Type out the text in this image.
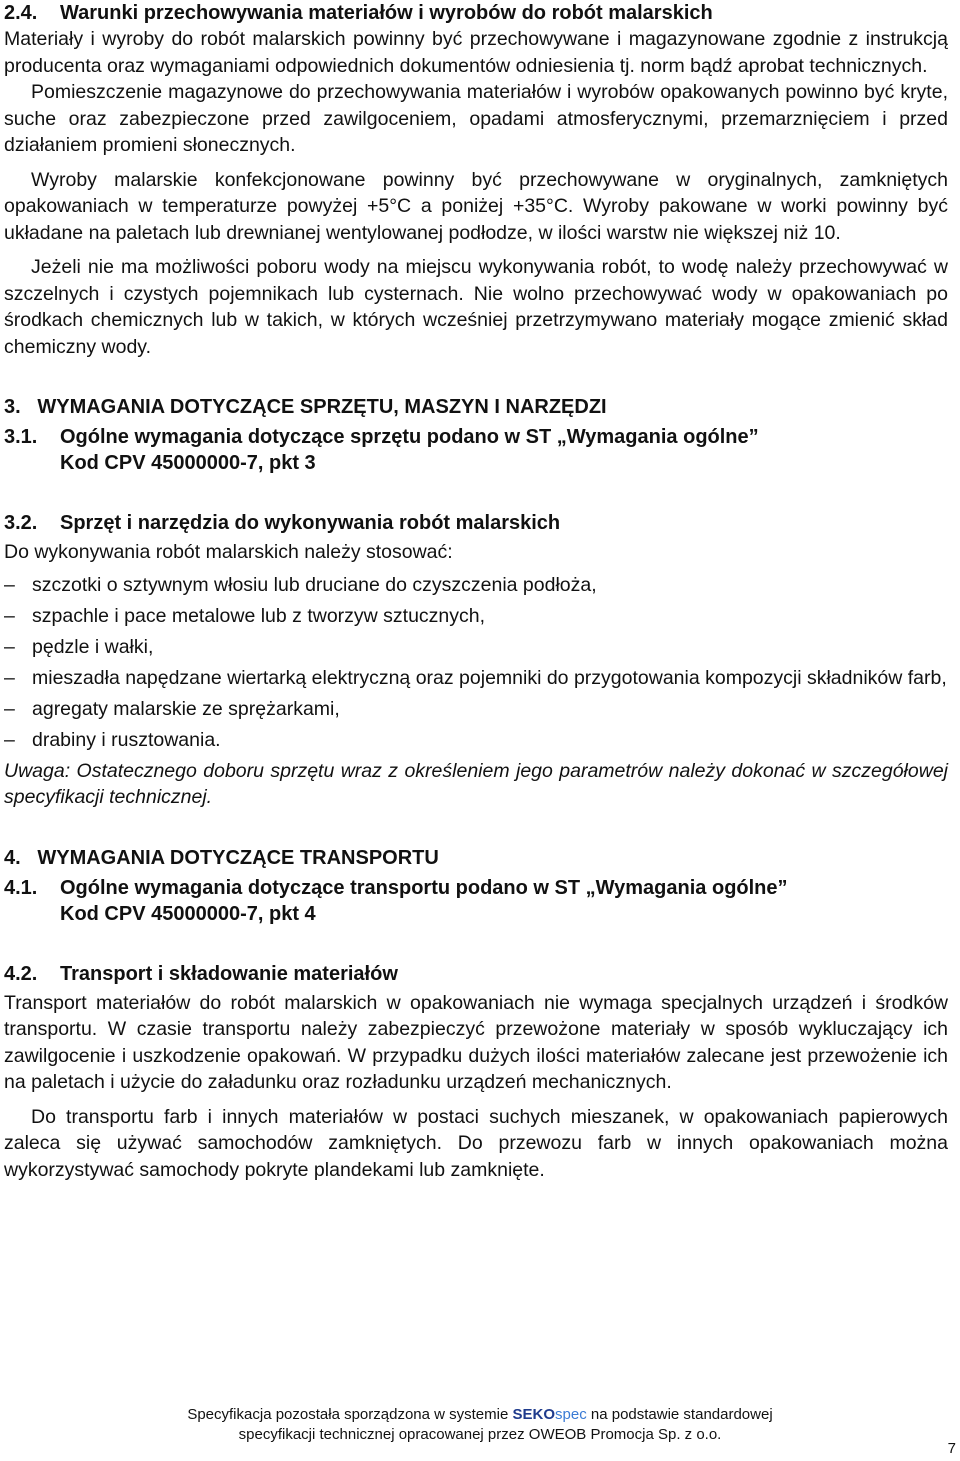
2.4.	Warunki przechowywania materiałów i wyrobów do robót malarskich

Materiały i wyroby do robót malarskich powinny być przechowywane i magazynowane zgodnie z instrukcją producenta oraz wymaganiami odpowiednich dokumentów odniesienia tj. norm bądź aprobat technicznych.

Pomieszczenie magazynowe do przechowywania materiałów i wyrobów opakowanych powinno być kryte, suche oraz zabezpieczone przed zawilgoceniem, opadami atmosferycznymi, przemarznięciem i przed działaniem promieni słonecznych.

Wyroby malarskie konfekcjonowane powinny być przechowywane w oryginalnych, zamkniętych opakowaniach w temperaturze powyżej +5°C a poniżej +35°C. Wyroby pakowane w worki powinny być układane na paletach lub drewnianej wentylowanej podłodze, w ilości warstw nie większej niż 10.

Jeżeli nie ma możliwości poboru wody na miejscu wykonywania robót, to wodę należy przechowywać w szczelnych i czystych pojemnikach lub cysternach. Nie wolno przechowywać wody w opakowaniach po środkach chemicznych lub w takich, w których wcześniej przetrzymywano materiały mogące zmienić skład chemiczny wody.

3.   WYMAGANIA DOTYCZĄCE SPRZĘTU, MASZYN I NARZĘDZI
3.1.	Ogólne wymagania dotyczące sprzętu podano w ST „Wymagania ogólne”
Kod CPV 45000000-7, pkt 3
3.2.	Sprzęt i narzędzia do wykonywania robót malarskich

Do wykonywania robót malarskich należy stosować:

– szczotki o sztywnym włosiu lub druciane do czyszczenia podłoża,
– szpachle i pace metalowe lub z tworzyw sztucznych,
– pędzle i wałki,
– mieszadła napędzane wiertarką elektryczną oraz pojemniki do przygotowania kompozycji składników farb,
– agregaty malarskie ze sprężarkami,
– drabiny i rusztowania.

Uwaga: Ostatecznego doboru sprzętu wraz z określeniem jego parametrów należy dokonać w szczegółowej specyfikacji technicznej.

4.   WYMAGANIA DOTYCZĄCE TRANSPORTU
4.1.	Ogólne wymagania dotyczące transportu podano w ST „Wymagania ogólne”
Kod CPV 45000000-7, pkt 4
4.2.	Transport i składowanie materiałów

Transport materiałów do robót malarskich w opakowaniach nie wymaga specjalnych urządzeń i środków transportu. W czasie transportu należy zabezpieczyć przewożone materiały w sposób wykluczający ich zawilgocenie i uszkodzenie opakowań. W przypadku dużych ilości materiałów zalecane jest przewożenie ich na paletach i użycie do załadunku oraz rozładunku urządzeń mechanicznych.

Do transportu farb i innych materiałów w postaci suchych mieszanek, w opakowaniach papierowych zaleca się używać samochodów zamkniętych. Do przewozu farb w innych opakowaniach można wykorzystywać samochody pokryte plandekami lub zamknięte.

Specyfikacja pozostała sporządzona w systemie SEKOspec na podstawie standardowej
specyfikacji technicznej opracowanej przez OWEOB Promocja Sp. z o.o.
7
